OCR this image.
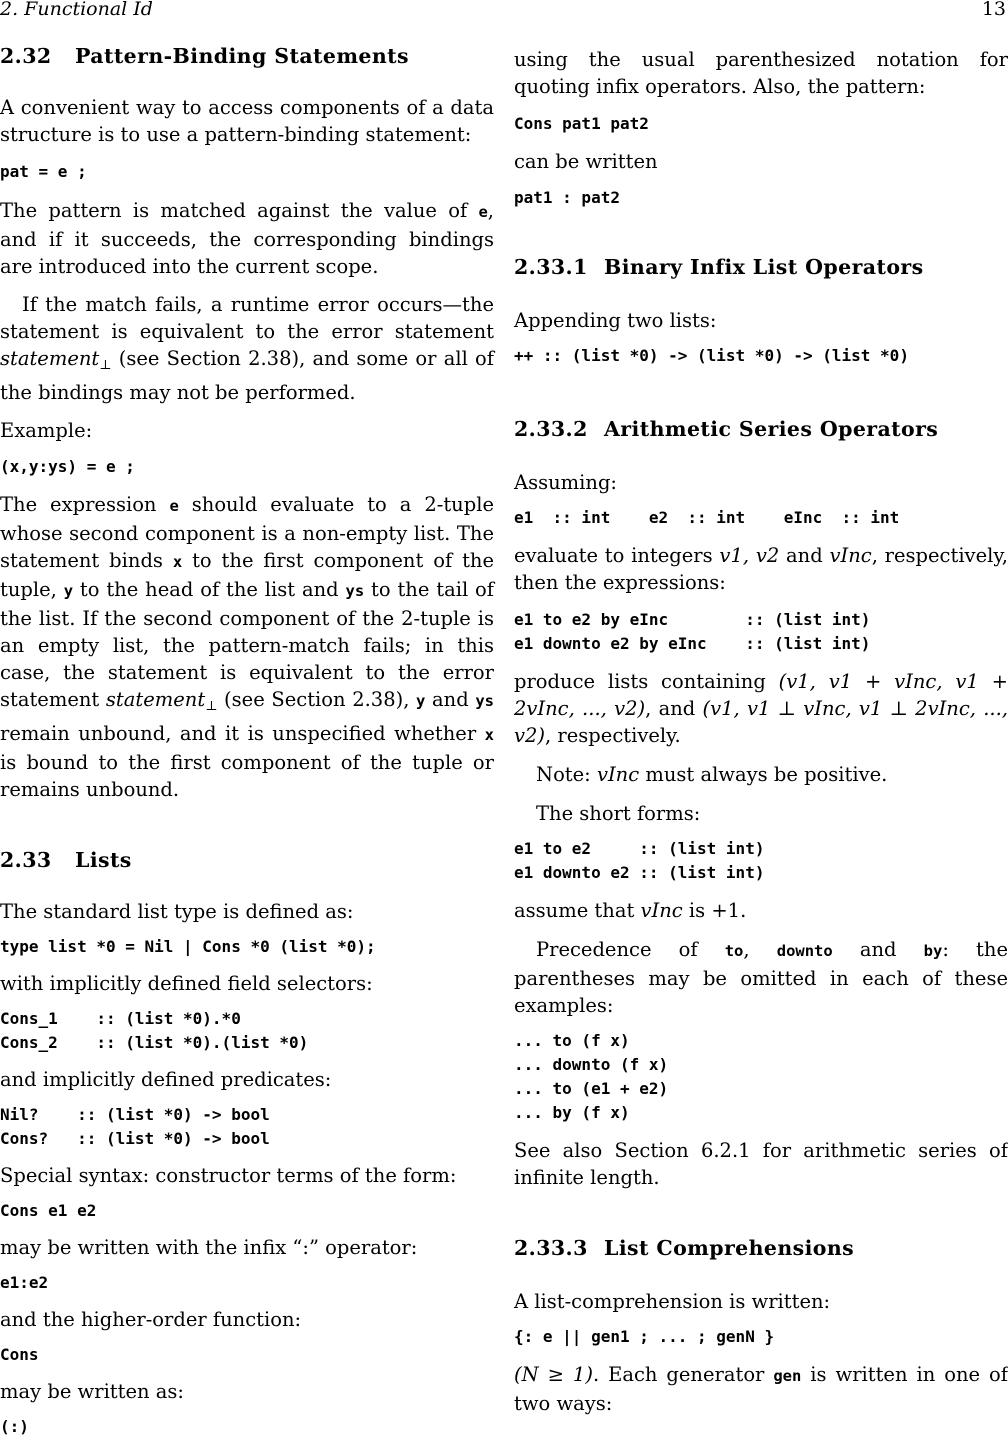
2. Functional Id	13
2.32 Pattern-Binding Statements

A convenient way to access components of a data structure is to use a pattern-binding statement:

pat = e ;

The pattern is matched against the value of e, and if it succeeds, the corresponding bindings are introduced into the current scope.

If the match fails, a runtime error occurs—the statement is equivalent to the error statement statement$_\perp$ (see Section 2.38), and some or all of the bindings may not be performed.

Example:

(x,y:ys) = e ;

The expression e should evaluate to a 2-tuple whose second component is a non-empty list. The statement binds x to the first component of the tuple, y to the head of the list and ys to the tail of the list. If the second component of the 2-tuple is an empty list, the pattern-match fails; in this case, the statement is equivalent to the error statement statement$_\perp$ (see Section 2.38), y and ys remain unbound, and it is unspecified whether x is bound to the first component of the tuple or remains unbound.

2.33 Lists

The standard list type is defined as:

type list *0 = Nil | Cons *0 (list *0);

with implicitly defined field selectors:

Cons_1    :: (list *0).*0
Cons_2    :: (list *0).(list *0)

and implicitly defined predicates:

Nil?    :: (list *0) -> bool
Cons?   :: (list *0) -> bool

Special syntax: constructor terms of the form:

Cons e1 e2

may be written with the infix “:” operator:

e1:e2

and the higher-order function:

Cons

may be written as:

(:)

using the usual parenthesized notation for quoting infix operators. Also, the pattern:

Cons pat1 pat2

can be written

pat1 : pat2
2.33.1 Binary Infix List Operators

Appending two lists:

++ :: (list *0) -> (list *0) -> (list *0)
2.33.2 Arithmetic Series Operators

Assuming:

e1  :: int    e2  :: int    eInc  :: int

evaluate to integers v1, v2 and vInc, respectively, then the expressions:

e1 to e2 by eInc        :: (list int)
e1 downto e2 by eInc    :: (list int)

produce lists containing (v1, v1 + vInc, v1 + 2vInc, ..., v2), and (v1, v1 ⊥ vInc, v1 ⊥ 2vInc, ..., v2), respectively.

Note: vInc must always be positive.

The short forms:

e1 to e2     :: (list int)
e1 downto e2 :: (list int)

assume that vInc is +1.

Precedence of to, downto and by: the parentheses may be omitted in each of these examples:

... to (f x)
... downto (f x)
... to (e1 + e2)
... by (f x)

See also Section 6.2.1 for arithmetic series of infinite length.

2.33.3 List Comprehensions

A list-comprehension is written:

{: e || gen1 ; ... ; genN }

(N ≥ 1). Each generator gen is written in one of two ways:
